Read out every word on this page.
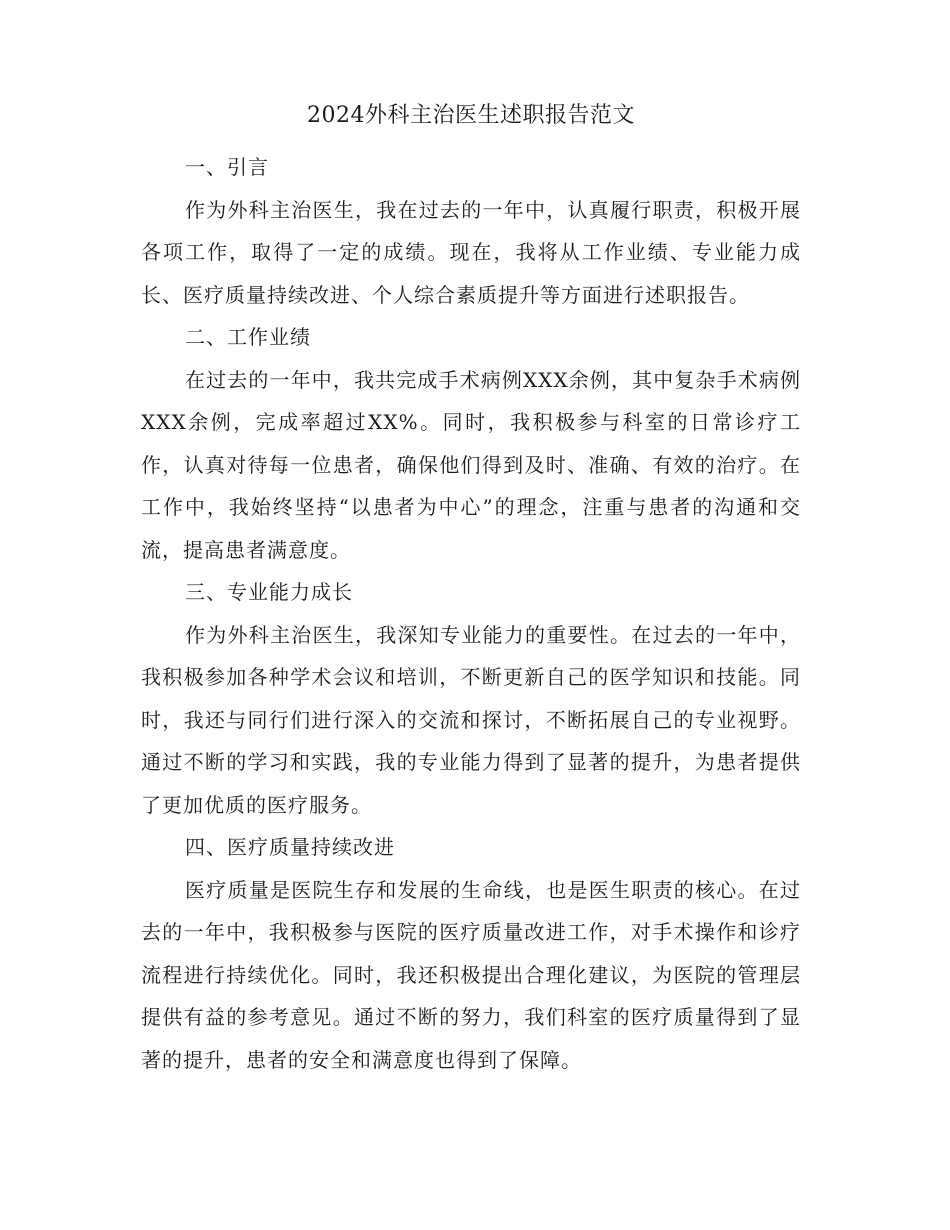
2024外科主治医生述职报告范文

一、引言

作为外科主治医生，我在过去的一年中，认真履行职责，积极开展各项工作，取得了一定的成绩。现在，我将从工作业绩、专业能力成长、医疗质量持续改进、个人综合素质提升等方面进行述职报告。

二、工作业绩

在过去的一年中，我共完成手术病例XXX余例，其中复杂手术病例XXX余例，完成率超过XX%。同时，我积极参与科室的日常诊疗工作，认真对待每一位患者，确保他们得到及时、准确、有效的治疗。在工作中，我始终坚持“以患者为中心”的理念，注重与患者的沟通和交流，提高患者满意度。

三、专业能力成长

作为外科主治医生，我深知专业能力的重要性。在过去的一年中，我积极参加各种学术会议和培训，不断更新自己的医学知识和技能。同时，我还与同行们进行深入的交流和探讨，不断拓展自己的专业视野。通过不断的学习和实践，我的专业能力得到了显著的提升，为患者提供了更加优质的医疗服务。

四、医疗质量持续改进

医疗质量是医院生存和发展的生命线，也是医生职责的核心。在过去的一年中，我积极参与医院的医疗质量改进工作，对手术操作和诊疗流程进行持续优化。同时，我还积极提出合理化建议，为医院的管理层提供有益的参考意见。通过不断的努力，我们科室的医疗质量得到了显著的提升，患者的安全和满意度也得到了保障。
